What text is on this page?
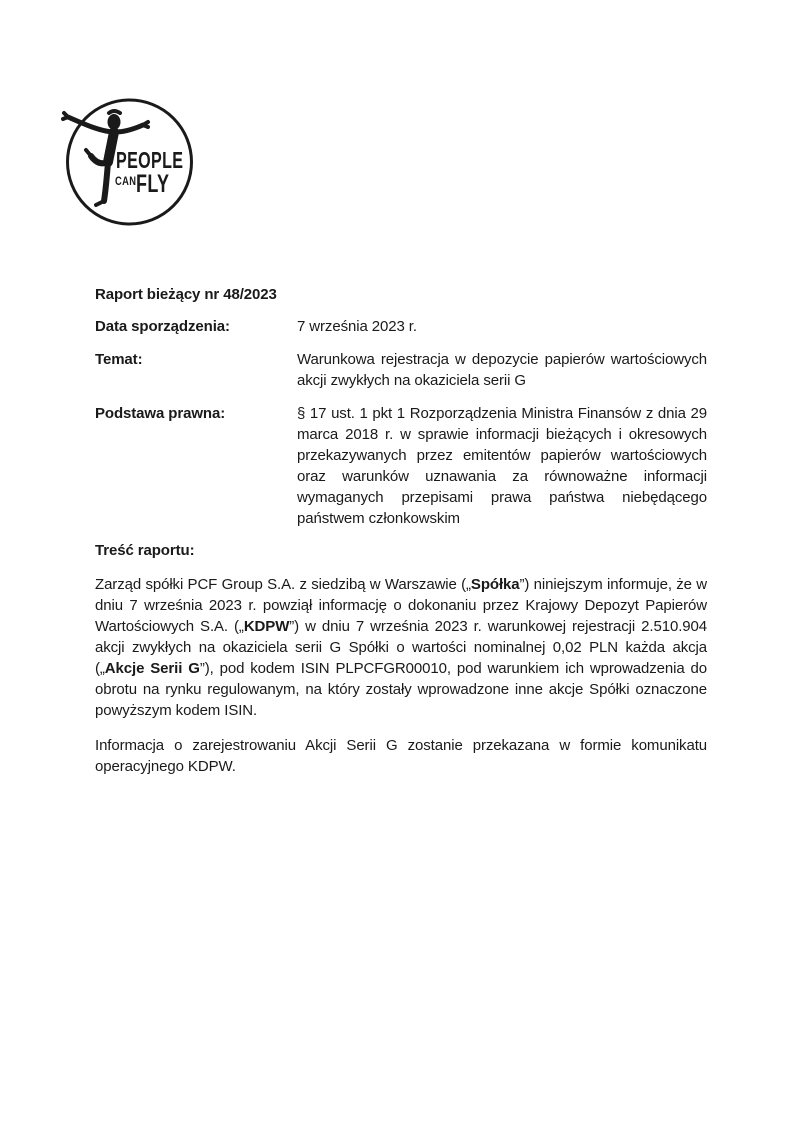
PEOPLE
CAN FLY
Raport bieżący nr 48/2023
Data sporządzenia:	7 września 2023 r.
Temat:	Warunkowa rejestracja w depozycie papierów wartościowych akcji zwykłych na okaziciela serii G
Podstawa prawna:	§ 17 ust. 1 pkt 1 Rozporządzenia Ministra Finansów z dnia 29 marca 2018 r. w sprawie informacji bieżących i okresowych przekazywanych przez emitentów papierów wartościowych oraz warunków uznawania za równoważne informacji wymaganych przepisami prawa państwa niebędącego państwem członkowskim
Treść raportu:

Zarząd spółki PCF Group S.A. z siedzibą w Warszawie („Spółka”) niniejszym informuje, że w dniu 7 września 2023 r. powziął informację o dokonaniu przez Krajowy Depozyt Papierów Wartościowych S.A. („KDPW”) w dniu 7 września 2023 r. warunkowej rejestracji 2.510.904 akcji zwykłych na okaziciela serii G Spółki o wartości nominalnej 0,02 PLN każda akcja („Akcje Serii G”), pod kodem ISIN PLPCFGR00010, pod warunkiem ich wprowadzenia do obrotu na rynku regulowanym, na który zostały wprowadzone inne akcje Spółki oznaczone powyższym kodem ISIN.

Informacja o zarejestrowaniu Akcji Serii G zostanie przekazana w formie komunikatu operacyjnego KDPW.
